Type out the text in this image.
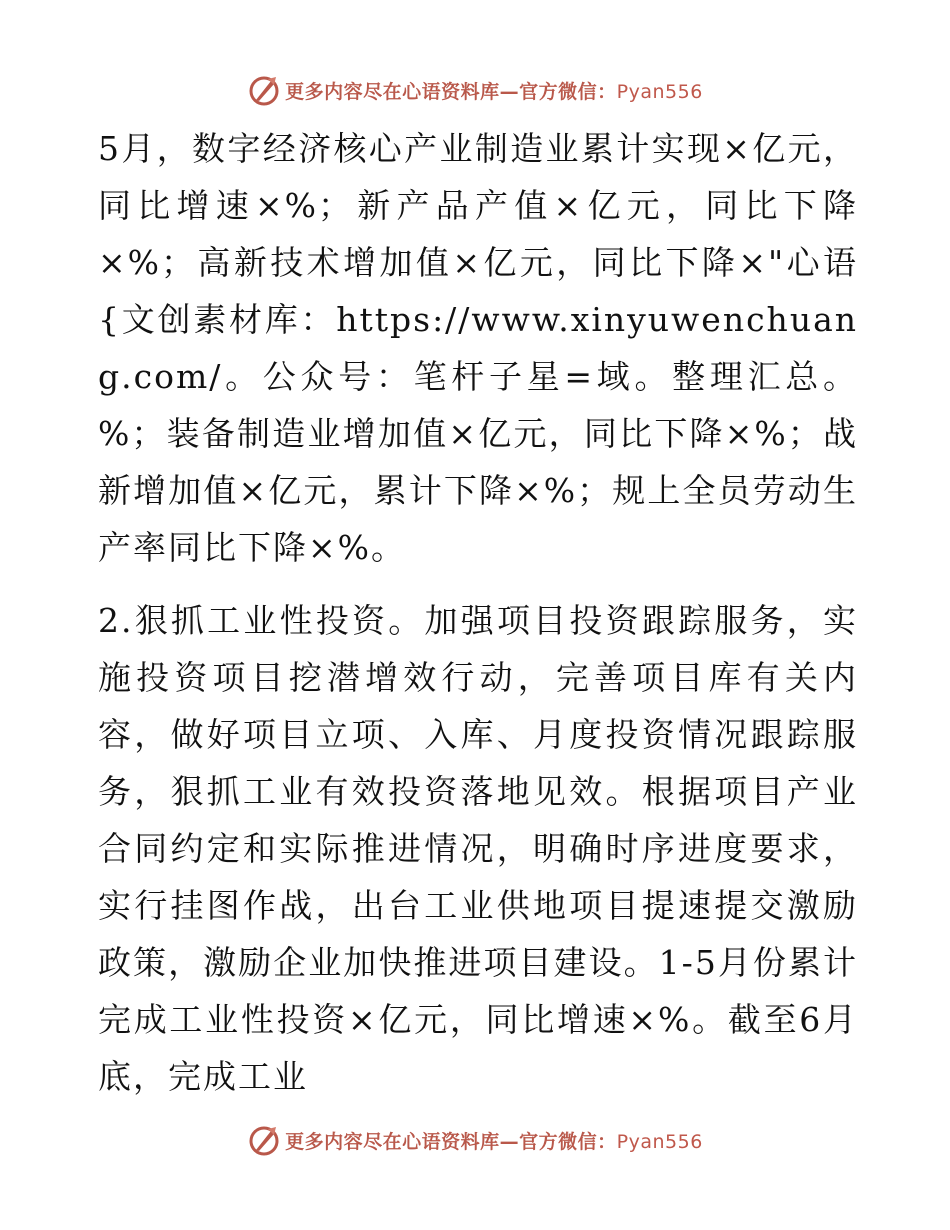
更多内容尽在心语资料库—官方微信：Pyan556

5月，数字经济核心产业制造业累计实现×亿元，同比增速×%；新产品产值×亿元，同比下降×%；高新技术增加值×亿元，同比下降×"心语{文创素材库：https://www.xinyuwenchuang.com/。公众号：笔杆子星=域。整理汇总。%；装备制造业增加值×亿元，同比下降×%；战新增加值×亿元，累计下降×%；规上全员劳动生产率同比下降×%。

2.狠抓工业性投资。加强项目投资跟踪服务，实施投资项目挖潜增效行动，完善项目库有关内容，做好项目立项、入库、月度投资情况跟踪服务，狠抓工业有效投资落地见效。根据项目产业合同约定和实际推进情况，明确时序进度要求，实行挂图作战，出台工业供地项目提速提交激励政策，激励企业加快推进项目建设。1-5月份累计完成工业性投资×亿元，同比增速×%。截至6月底，完成工业

更多内容尽在心语资料库—官方微信：Pyan556
